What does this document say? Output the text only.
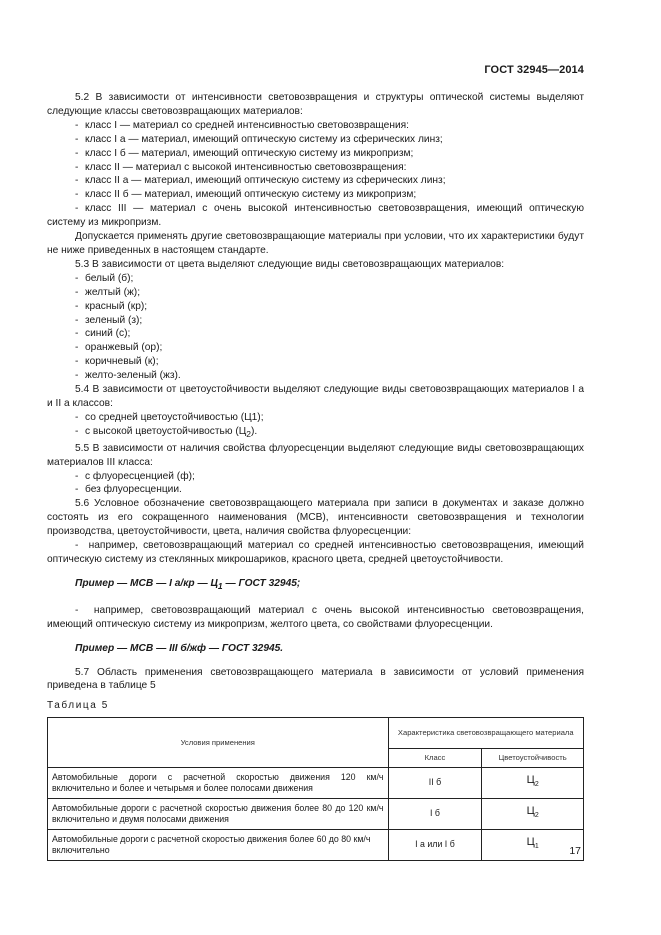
ГОСТ 32945—2014

5.2 В зависимости от интенсивности световозвращения и структуры оптической системы выделяют следующие классы световозвращающих материалов:

- класс I — материал со средней интенсивностью световозвращения:
- класс I а — материал, имеющий оптическую систему из сферических линз;
- класс I б — материал, имеющий оптическую систему из микропризм;
- класс II — материал с высокой интенсивностью световозвращения:
- класс II а — материал, имеющий оптическую систему из сферических линз;
- класс II б — материал, имеющий оптическую систему из микропризм;
- класс III — материал с очень высокой интенсивностью световозвращения, имеющий оптическую систему из микропризм.

Допускается применять другие световозвращающие материалы при условии, что их характеристики будут не ниже приведенных в настоящем стандарте.

5.3 В зависимости от цвета выделяют следующие виды световозвращающих материалов:

- белый (б);
- желтый (ж);
- красный (кр);
- зеленый (з);
- синий (с);
- оранжевый (ор);
- коричневый (к);
- желто-зеленый (жз).

5.4 В зависимости от цветоустойчивости выделяют следующие виды световозвращающих материалов I а и II а классов:

- со средней цветоустойчивостью (Ц1);
- с высокой цветоустойчивостью $(Ц_2)$.

5.5 В зависимости от наличия свойства флуоресценции выделяют следующие виды световозвращающих материалов III класса:

- с флуоресценцией (ф);
- без флуоресценции.

5.6 Условное обозначение световозвращающего материала при записи в документах и заказе должно состоять из его сокращенного наименования (МСВ), интенсивности световозвращения и технологии производства, цветоустойчивости, цвета, наличия свойства флуоресценции:

-  например, световозвращающий материал со средней интенсивностью световозвращения, имеющий оптическую систему из стеклянных микрошариков, красного цвета, средней цветоустойчивости.

Пример — МСВ — I а/кр — $Ц_1$ — ГОСТ 32945;

-  например, световозвращающий материал с очень высокой интенсивностью световозвращения, имеющий оптическую систему из микропризм, желтого цвета, со свойствами флуоресценции.

Пример — МСВ — III б/жф — ГОСТ 32945.

5.7 Область применения световозвращающего материала в зависимости от условий применения приведена в таблице 5

Таблица 5

Условия применения	Характеристика световозвращающего материала	
	Класс	Цветоустойчивость
Автомобильные дороги с расчетной скоростью движения 120 км/ч включительно и более и четырьмя и более полосами движения	II б	$Ц_2$
Автомобильные дороги с расчетной скоростью движения более 80 до 120 км/ч включительно и двумя полосами движения	I б	$Ц_2$
Автомобильные дороги с расчетной скоростью движения более 60 до 80 км/ч включительно	I а или I б	$Ц_1$	17
